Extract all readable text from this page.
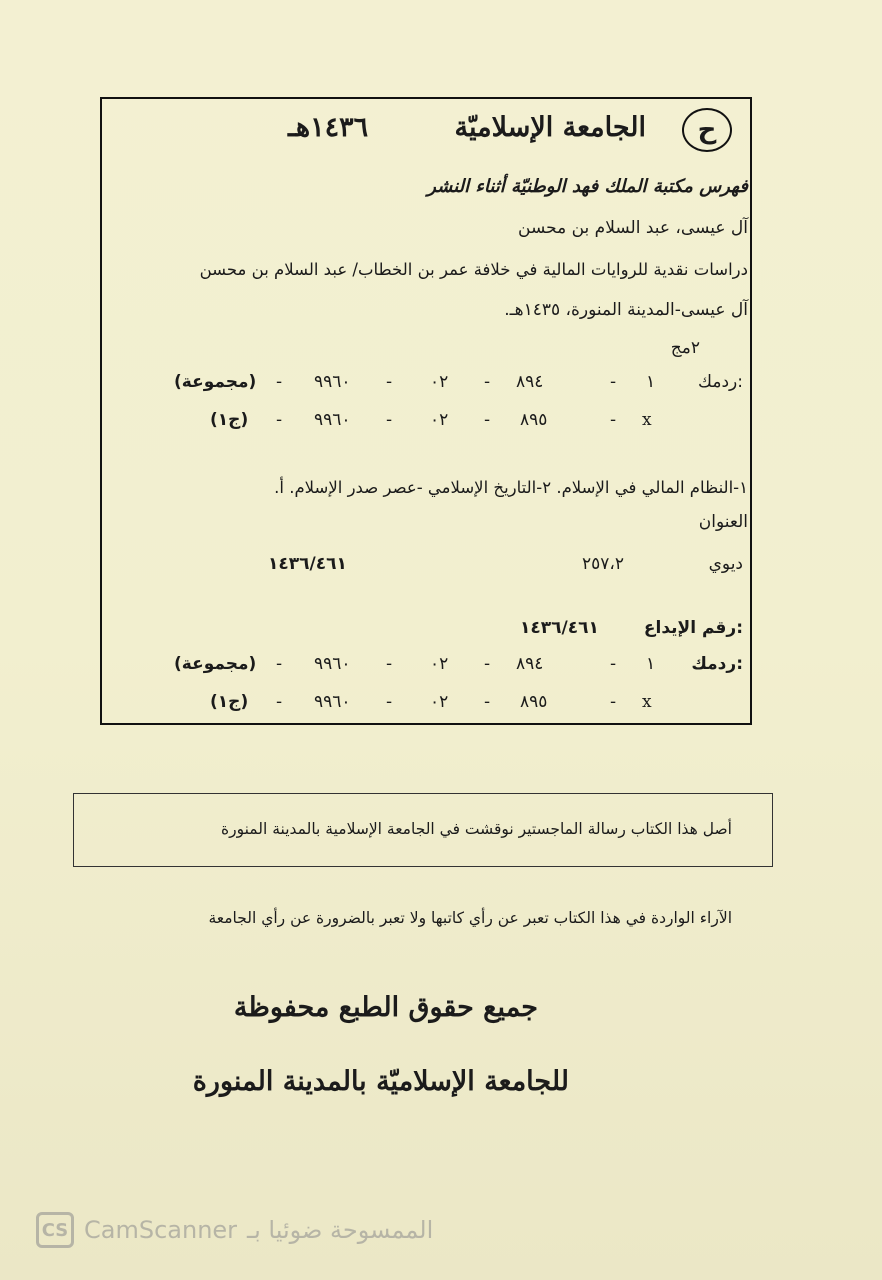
ح
الجامعة الإسلاميّة
١٤٣٦هـ
فهرس مكتبة الملك فهد الوطنيّة أثناء النشر
آل عيسى، عبد السلام بن محسن
دراسات نقدية للروايات المالية في خلافة عمر بن الخطاب/ عبد السلام بن محسن
آل عيسى-المدينة المنورة، ١٤٣٥هـ.
٢مج
ردمك:
١
-
٨٩٤
-
٠٢
-
٩٩٦٠
-
(مجموعة)
x
-
٨٩٥
-
٠٢
-
٩٩٦٠
-
(ج١)
١-النظام المالي في الإسلام. ٢-التاريخ الإسلامي -عصر صدر الإسلام. أ.
العنوان
ديوي
٢٥٧،٢
١٤٣٦/٤٦١
رقم الإيداع:
١٤٣٦/٤٦١
ردمك:
١
-
٨٩٤
-
٠٢
-
٩٩٦٠
-
(مجموعة)
x
-
٨٩٥
-
٠٢
-
٩٩٦٠
-
(ج١)
أصل هذا الكتاب رسالة الماجستير نوقشت في الجامعة الإسلامية بالمدينة المنورة
الآراء الواردة في هذا الكتاب تعبر عن رأي كاتبها ولا تعبر بالضرورة عن رأي الجامعة
جميع حقوق الطبع محفوظة
للجامعة الإسلاميّة بالمدينة المنورة
CS CamScanner الممسوحة ضوئيا بـ
